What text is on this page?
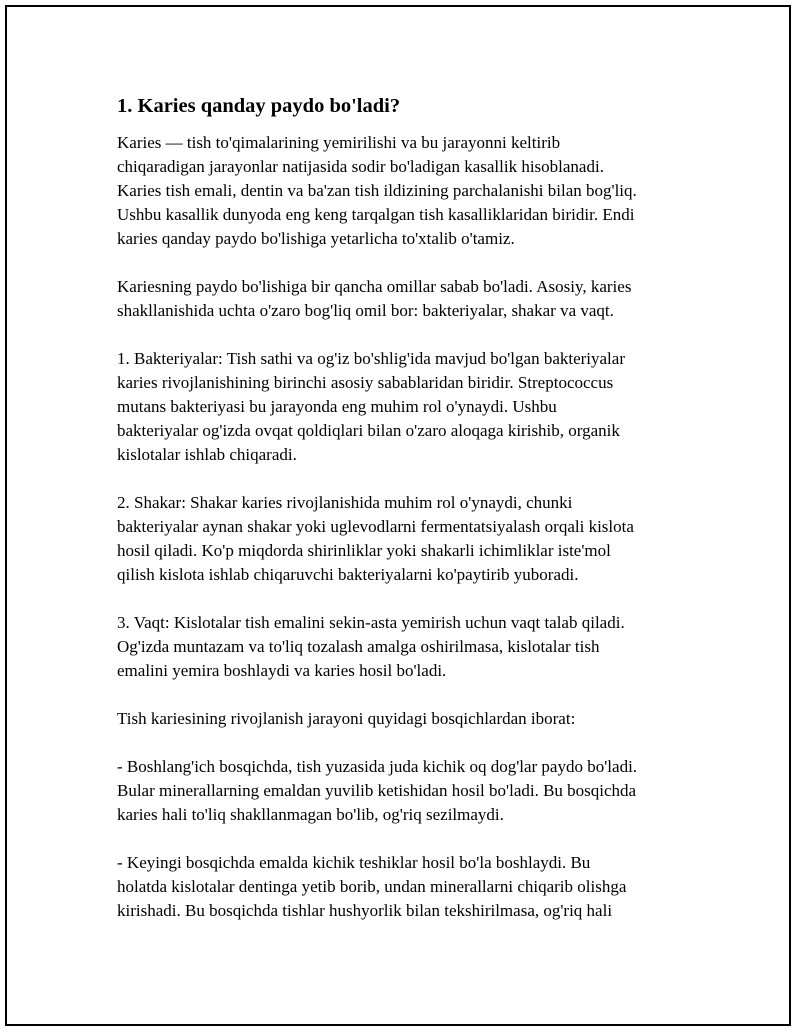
1. Karies qanday paydo bo'ladi?

Karies — tish to'qimalarining yemirilishi va bu jarayonni keltirib
chiqaradigan jarayonlar natijasida sodir bo'ladigan kasallik hisoblanadi.
Karies tish emali, dentin va ba'zan tish ildizining parchalanishi bilan bog'liq.
Ushbu kasallik dunyoda eng keng tarqalgan tish kasalliklaridan biridir. Endi
karies qanday paydo bo'lishiga yetarlicha to'xtalib o'tamiz.

Kariesning paydo bo'lishiga bir qancha omillar sabab bo'ladi. Asosiy, karies
shakllanishida uchta o'zaro bog'liq omil bor: bakteriyalar, shakar va vaqt.

1. Bakteriyalar: Tish sathi va og'iz bo'shlig'ida mavjud bo'lgan bakteriyalar
karies rivojlanishining birinchi asosiy sabablaridan biridir. Streptococcus
mutans bakteriyasi bu jarayonda eng muhim rol o'ynaydi. Ushbu
bakteriyalar og'izda ovqat qoldiqlari bilan o'zaro aloqaga kirishib, organik
kislotalar ishlab chiqaradi.

2. Shakar: Shakar karies rivojlanishida muhim rol o'ynaydi, chunki
bakteriyalar aynan shakar yoki uglevodlarni fermentatsiyalash orqali kislota
hosil qiladi. Ko'p miqdorda shirinliklar yoki shakarli ichimliklar iste'mol
qilish kislota ishlab chiqaruvchi bakteriyalarni ko'paytirib yuboradi.

3. Vaqt: Kislotalar tish emalini sekin-asta yemirish uchun vaqt talab qiladi.
Og'izda muntazam va to'liq tozalash amalga oshirilmasa, kislotalar tish
emalini yemira boshlaydi va karies hosil bo'ladi.

Tish kariesining rivojlanish jarayoni quyidagi bosqichlardan iborat:

- Boshlang'ich bosqichda, tish yuzasida juda kichik oq dog'lar paydo bo'ladi.
Bular minerallarning emaldan yuvilib ketishidan hosil bo'ladi. Bu bosqichda
karies hali to'liq shakllanmagan bo'lib, og'riq sezilmaydi.

- Keyingi bosqichda emalda kichik teshiklar hosil bo'la boshlaydi. Bu
holatda kislotalar dentinga yetib borib, undan minerallarni chiqarib olishga
kirishadi. Bu bosqichda tishlar hushyorlik bilan tekshirilmasa, og'riq hali
